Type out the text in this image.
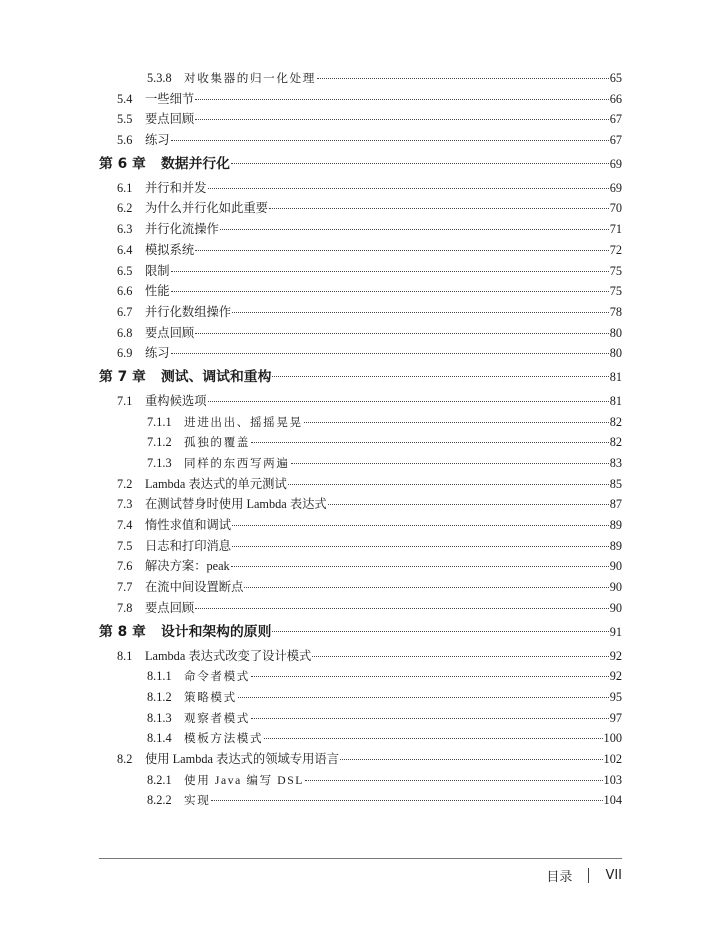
5.3.8	对收集器的归一化处理	65
5.4	一些细节	66
5.5	要点回顾	67
5.6	练习	67
第 6 章	数据并行化	69
6.1	并行和并发	69
6.2	为什么并行化如此重要	70
6.3	并行化流操作	71
6.4	模拟系统	72
6.5	限制	75
6.6	性能	75
6.7	并行化数组操作	78
6.8	要点回顾	80
6.9	练习	80
第 7 章	测试、调试和重构	81
7.1	重构候选项	81
7.1.1	进进出出、摇摇晃晃	82
7.1.2	孤独的覆盖	82
7.1.3	同样的东西写两遍	83
7.2	Lambda 表达式的单元测试	85
7.3	在测试替身时使用 Lambda 表达式	87
7.4	惰性求值和调试	89
7.5	日志和打印消息	89
7.6	解决方案：peak	90
7.7	在流中间设置断点	90
7.8	要点回顾	90
第 8 章	设计和架构的原则	91
8.1	Lambda 表达式改变了设计模式	92
8.1.1	命令者模式	92
8.1.2	策略模式	95
8.1.3	观察者模式	97
8.1.4	模板方法模式	100
8.2	使用 Lambda 表达式的领域专用语言	102
8.2.1	使用 Java 编写 DSL	103
8.2.2	实现	104
目录	VII
